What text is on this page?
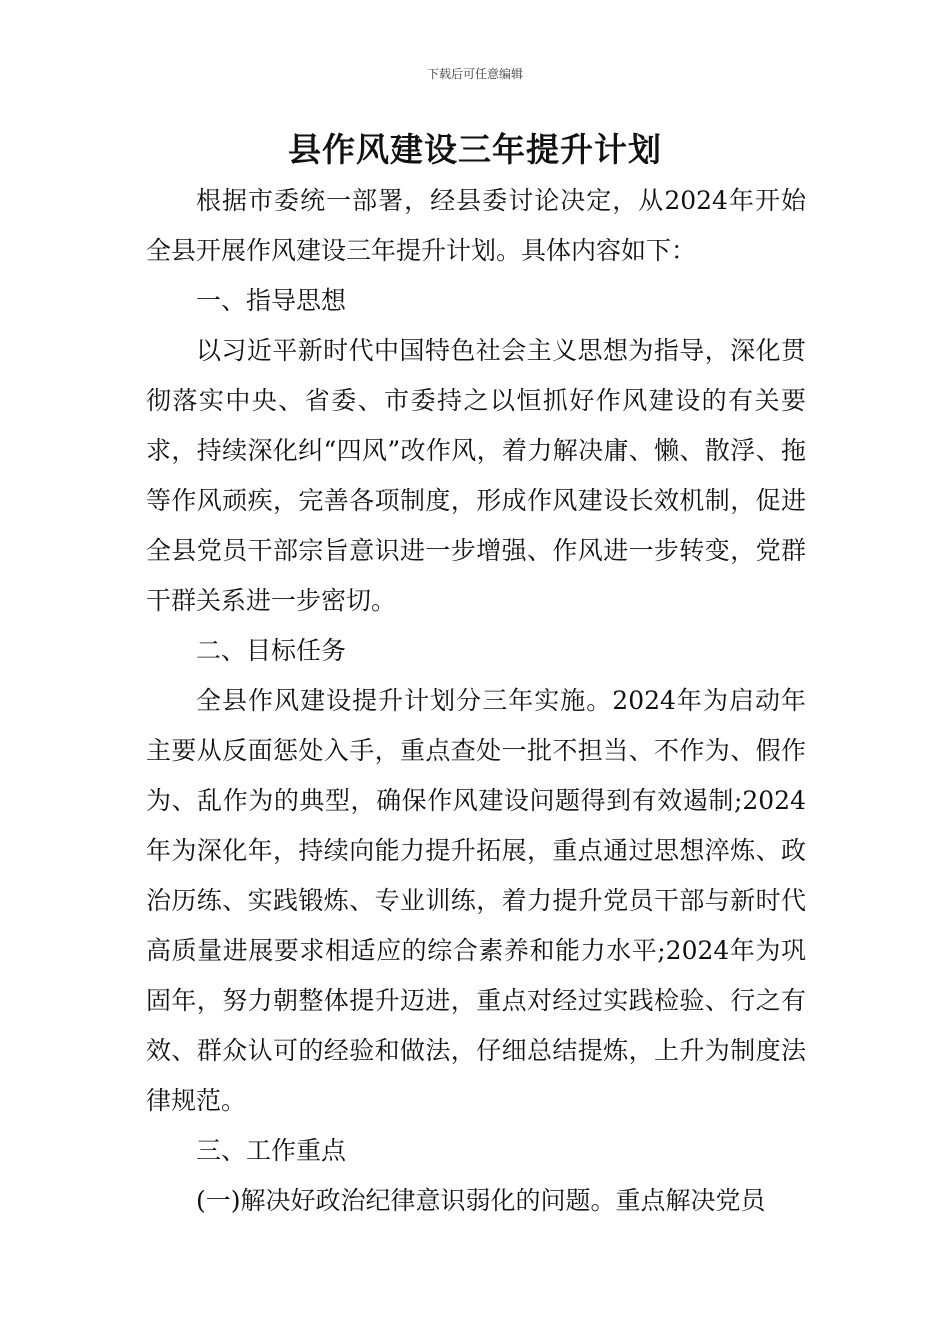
下载后可任意编辑
县作风建设三年提升计划

根据市委统一部署，经县委讨论决定，从2024年开始全县开展作风建设三年提升计划。具体内容如下：

一、指导思想

以习近平新时代中国特色社会主义思想为指导，深化贯彻落实中央、省委、市委持之以恒抓好作风建设的有关要求，持续深化纠“四风”改作风，着力解决庸、懒、散浮、拖等作风顽疾，完善各项制度，形成作风建设长效机制，促进全县党员干部宗旨意识进一步增强、作风进一步转变，党群干群关系进一步密切。

二、目标任务

全县作风建设提升计划分三年实施。2024年为启动年主要从反面惩处入手，重点查处一批不担当、不作为、假作为、乱作为的典型，确保作风建设问题得到有效遏制;2024年为深化年，持续向能力提升拓展，重点通过思想淬炼、政治历练、实践锻炼、专业训练，着力提升党员干部与新时代高质量进展要求相适应的综合素养和能力水平;2024年为巩固年，努力朝整体提升迈进，重点对经过实践检验、行之有效、群众认可的经验和做法，仔细总结提炼，上升为制度法律规范。

三、工作重点

(一)解决好政治纪律意识弱化的问题。重点解决党员
